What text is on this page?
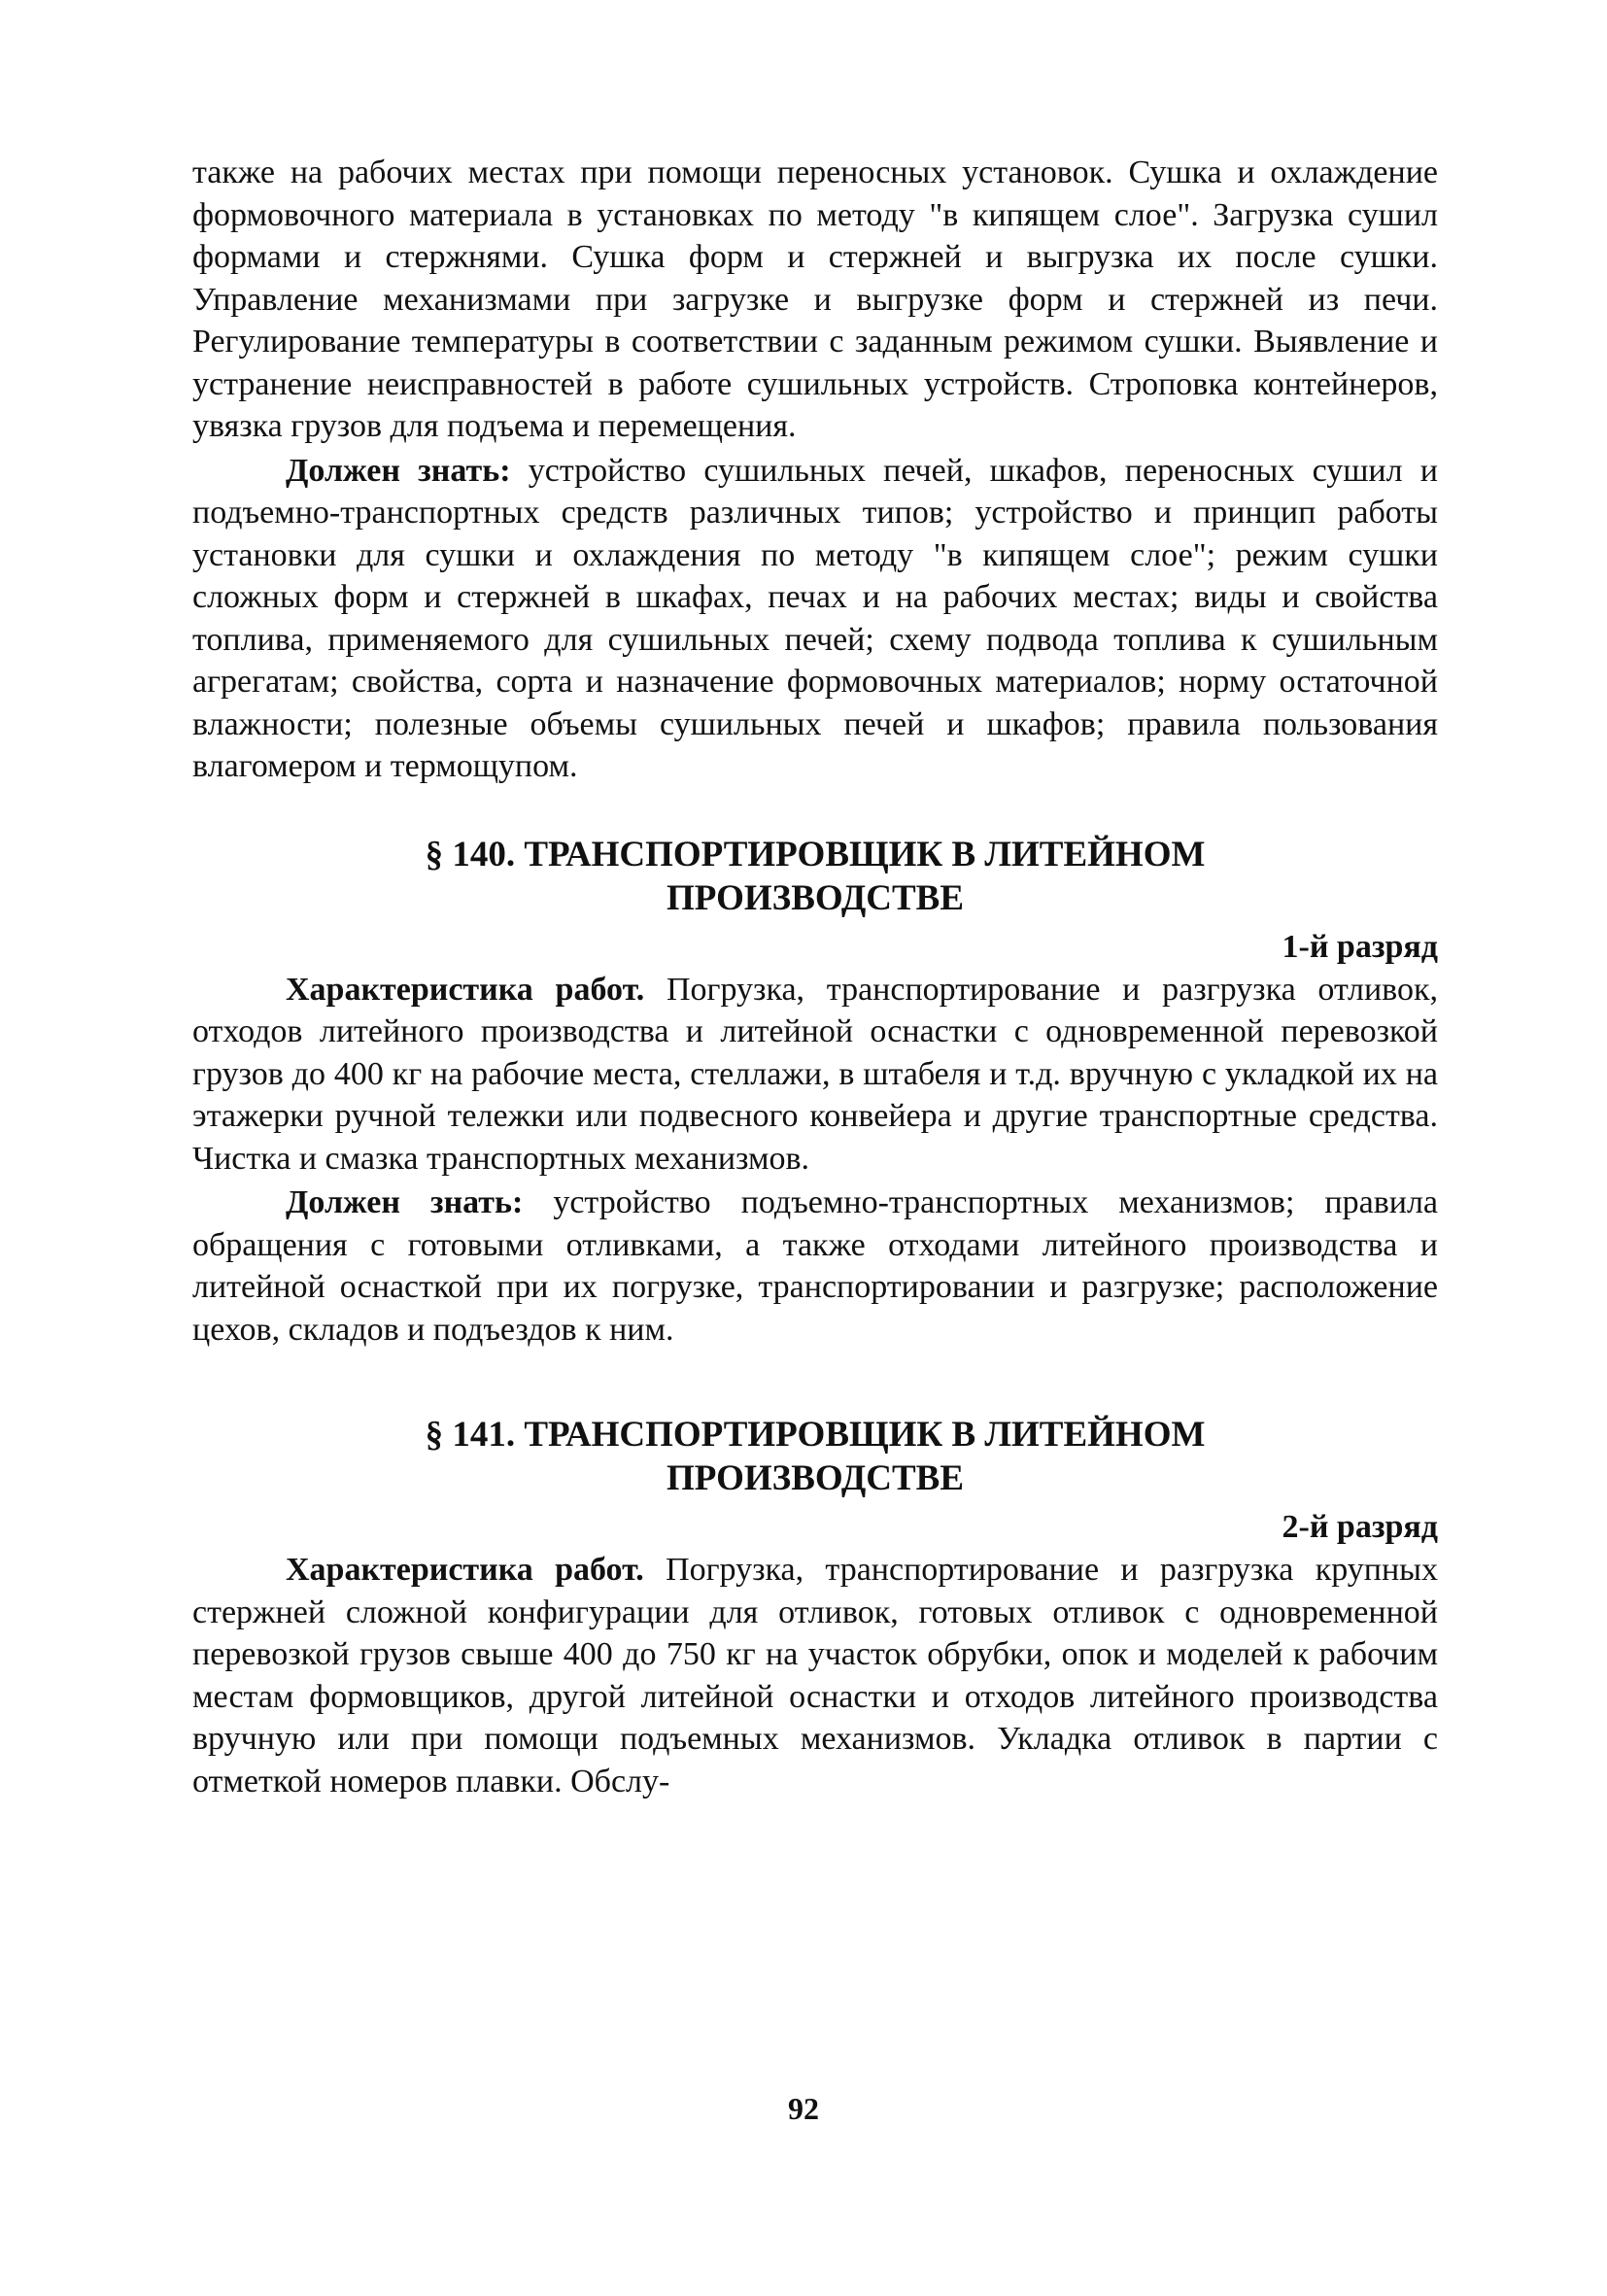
также на рабочих местах при помощи переносных установок. Сушка и охлаждение формовочного материала в установках по методу "в кипящем слое". Загрузка сушил формами и стержнями. Сушка форм и стержней и выгрузка их после сушки. Управление механизмами при загрузке и выгрузке форм и стержней из печи. Регулирование температуры в соответствии с заданным режимом сушки. Выявление и устранение неисправностей в работе сушильных устройств. Строповка контейнеров, увязка грузов для подъема и перемещения.

Должен знать: устройство сушильных печей, шкафов, переносных сушил и подъемно-транспортных средств различных типов; устройство и принцип работы установки для сушки и охлаждения по методу "в кипящем слое"; режим сушки сложных форм и стержней в шкафах, печах и на рабочих местах; виды и свойства топлива, применяемого для сушильных печей; схему подвода топлива к сушильным агрегатам; свойства, сорта и назначение формовочных материалов; норму остаточной влажности; полезные объемы сушильных печей и шкафов; правила пользования влагомером и термощупом.

§ 140. ТРАНСПОРТИРОВЩИК В ЛИТЕЙНОМ
ПРОИЗВОДСТВЕ
1-й разряд

Характеристика работ. Погрузка, транспортирование и разгрузка отливок, отходов литейного производства и литейной оснастки с одновременной перевозкой грузов до 400 кг на рабочие места, стеллажи, в штабеля и т.д. вручную с укладкой их на этажерки ручной тележки или подвесного конвейера и другие транспортные средства. Чистка и смазка транспортных механизмов.

Должен знать: устройство подъемно-транспортных механизмов; правила обращения с готовыми отливками, а также отходами литейного производства и литейной оснасткой при их погрузке, транспортировании и разгрузке; расположение цехов, складов и подъездов к ним.

§ 141. ТРАНСПОРТИРОВЩИК В ЛИТЕЙНОМ
ПРОИЗВОДСТВЕ
2-й разряд

Характеристика работ. Погрузка, транспортирование и разгрузка крупных стержней сложной конфигурации для отливок, готовых отливок с одновременной перевозкой грузов свыше 400 до 750 кг на участок обрубки, опок и моделей к рабочим местам формовщиков, другой литейной оснастки и отходов литейного производства вручную или при помощи подъемных механизмов. Укладка отливок в партии с отметкой номеров плавки. Обслу-

92
